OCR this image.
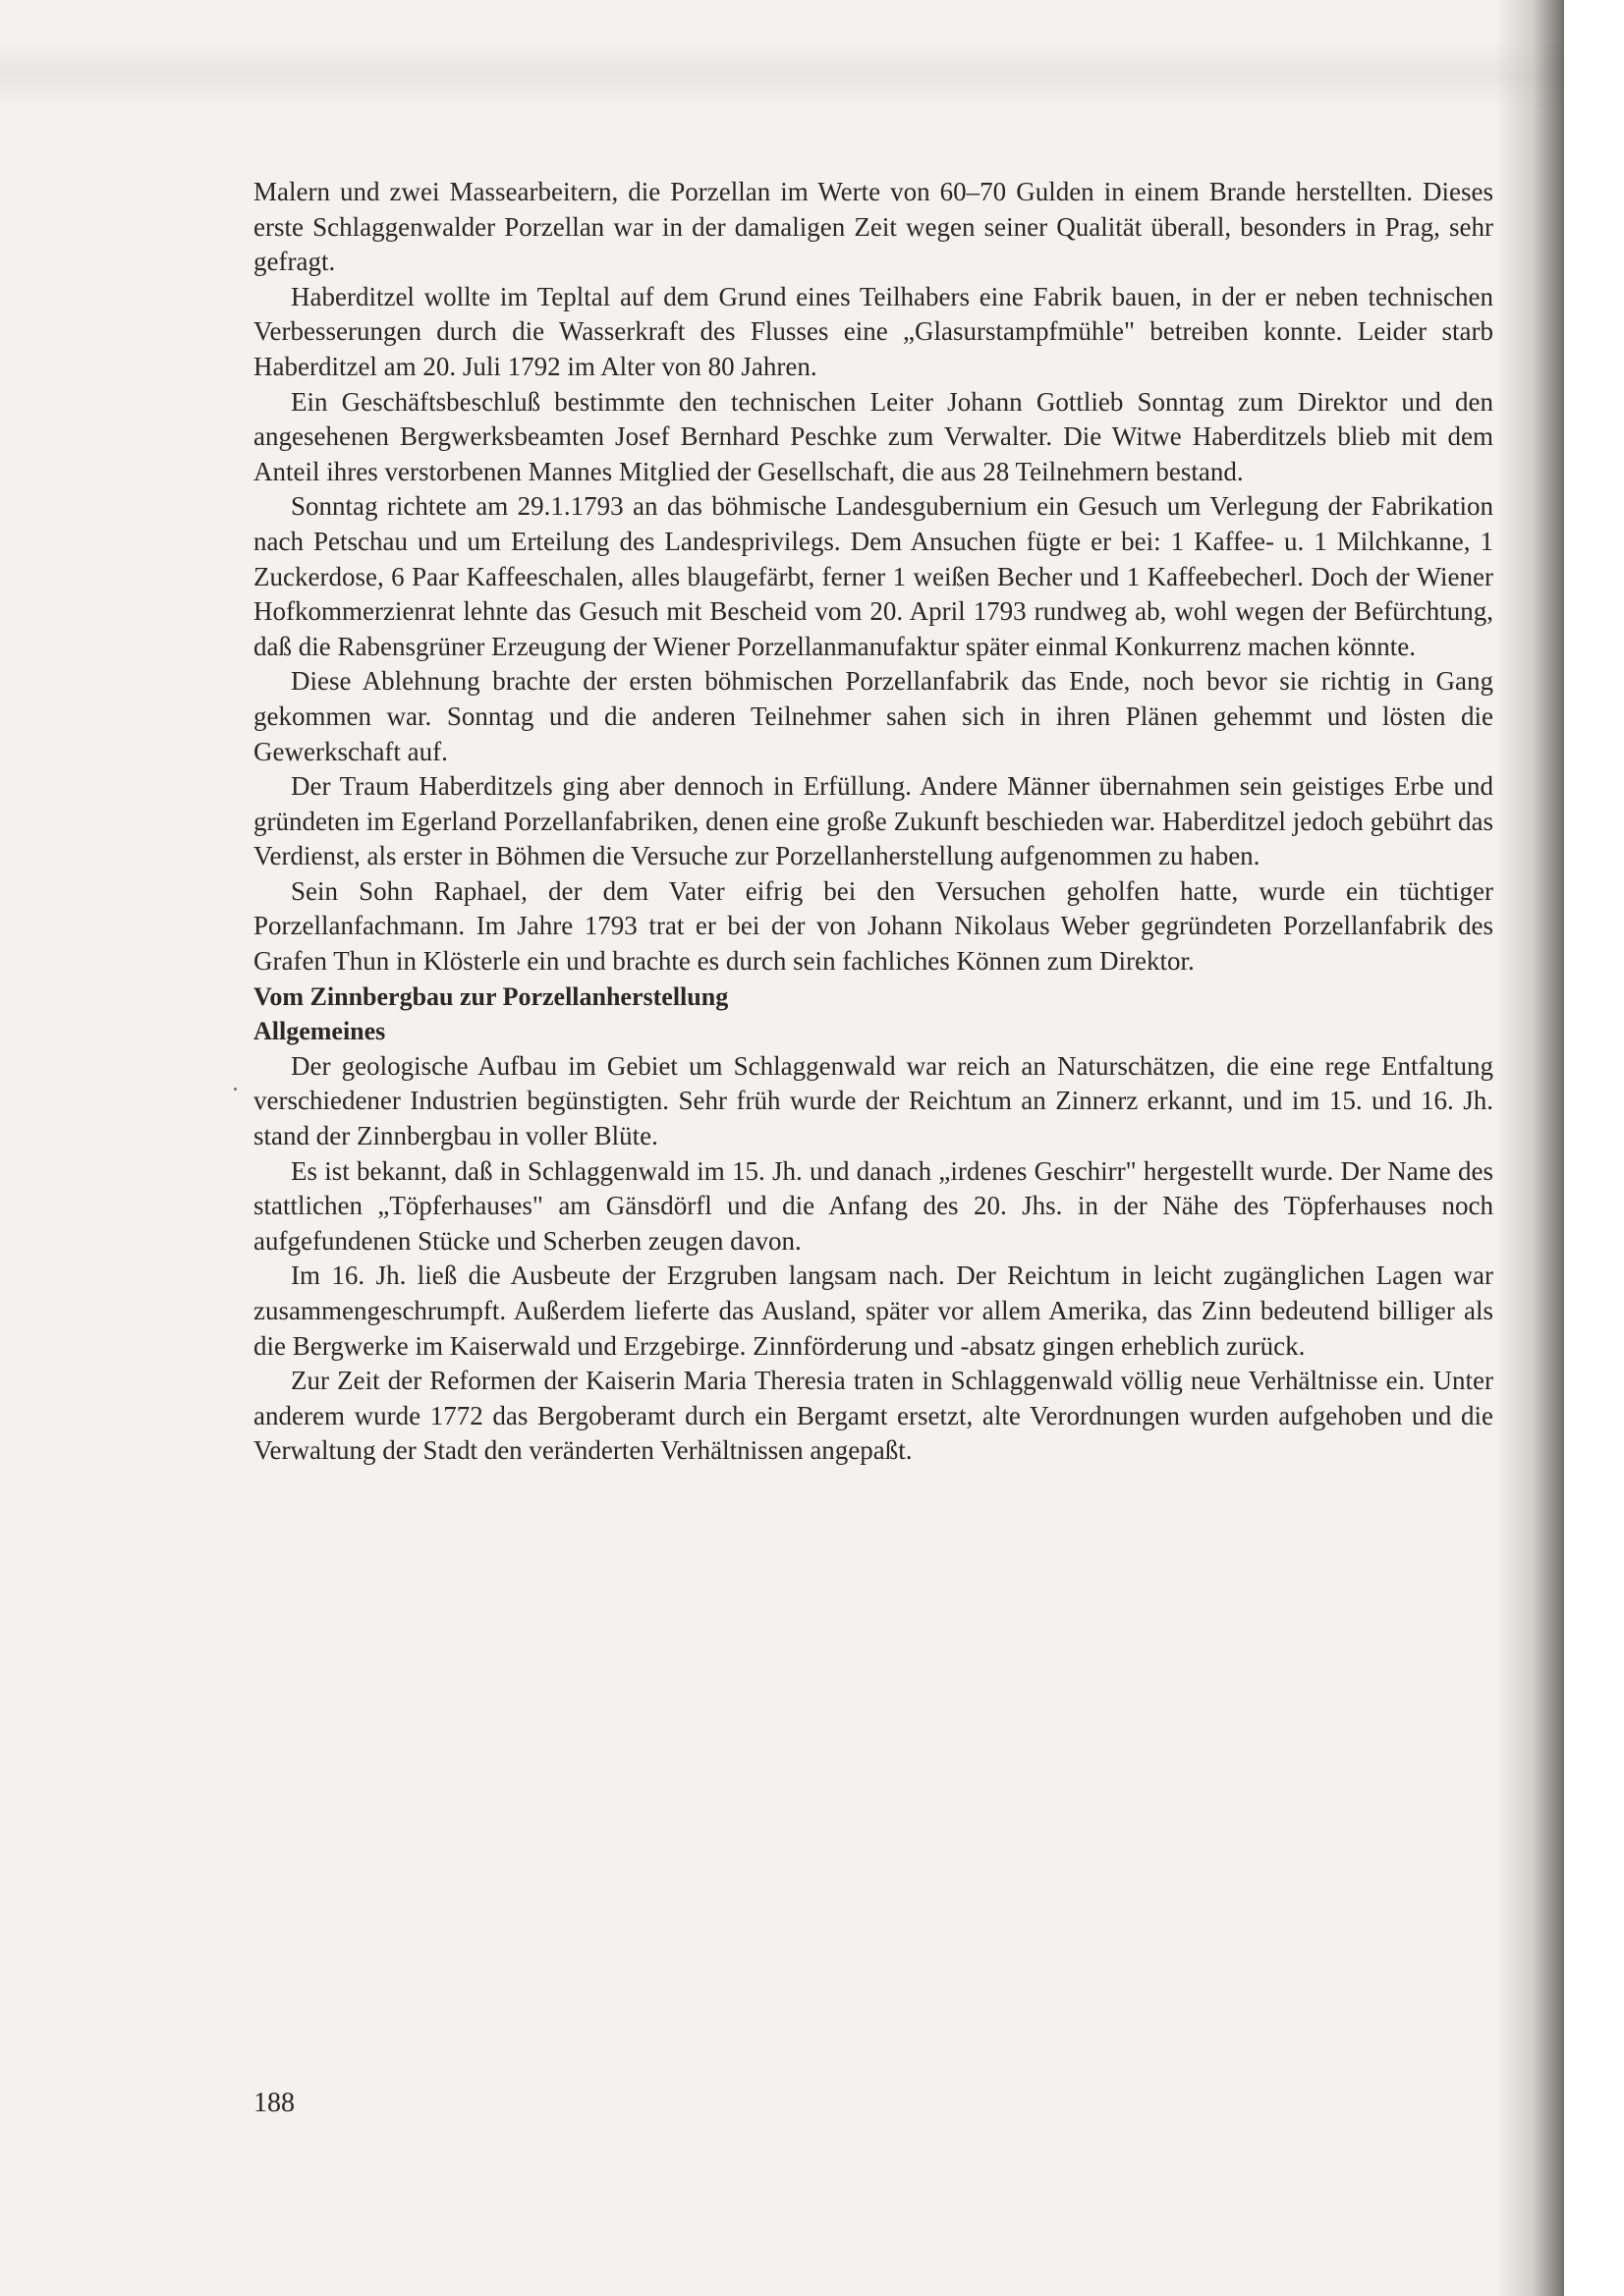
Malern und zwei Massearbeitern, die Porzellan im Werte von 60–70 Gulden in einem Brande herstellten. Dieses erste Schlaggenwalder Porzellan war in der damaligen Zeit wegen seiner Qualität überall, besonders in Prag, sehr gefragt.

Haberditzel wollte im Tepltal auf dem Grund eines Teilhabers eine Fabrik bauen, in der er neben technischen Verbesserungen durch die Wasserkraft des Flusses eine „Glasurstampfmühle" betreiben konnte. Leider starb Haberditzel am 20. Juli 1792 im Alter von 80 Jahren.

Ein Geschäftsbeschluß bestimmte den technischen Leiter Johann Gottlieb Sonntag zum Direktor und den angesehenen Bergwerksbeamten Josef Bernhard Peschke zum Verwalter. Die Witwe Haberditzels blieb mit dem Anteil ihres verstorbenen Mannes Mitglied der Gesellschaft, die aus 28 Teilnehmern bestand.

Sonntag richtete am 29.1.1793 an das böhmische Landesgubernium ein Gesuch um Verlegung der Fabrikation nach Petschau und um Erteilung des Landesprivilegs. Dem Ansuchen fügte er bei: 1 Kaffee- u. 1 Milchkanne, 1 Zuckerdose, 6 Paar Kaffeeschalen, alles blaugefärbt, ferner 1 weißen Becher und 1 Kaffeebecherl. Doch der Wiener Hofkommerzienrat lehnte das Gesuch mit Bescheid vom 20. April 1793 rundweg ab, wohl wegen der Befürchtung, daß die Rabensgrüner Erzeugung der Wiener Porzellanmanufaktur später einmal Konkurrenz machen könnte.

Diese Ablehnung brachte der ersten böhmischen Porzellanfabrik das Ende, noch bevor sie richtig in Gang gekommen war. Sonntag und die anderen Teilnehmer sahen sich in ihren Plänen gehemmt und lösten die Gewerkschaft auf.

Der Traum Haberditzels ging aber dennoch in Erfüllung. Andere Männer übernahmen sein geistiges Erbe und gründeten im Egerland Porzellanfabriken, denen eine große Zukunft beschieden war. Haberditzel jedoch gebührt das Verdienst, als erster in Böhmen die Versuche zur Porzellanherstellung aufgenommen zu haben.

Sein Sohn Raphael, der dem Vater eifrig bei den Versuchen geholfen hatte, wurde ein tüchtiger Porzellanfachmann. Im Jahre 1793 trat er bei der von Johann Nikolaus Weber gegründeten Porzellanfabrik des Grafen Thun in Klösterle ein und brachte es durch sein fachliches Können zum Direktor.

Vom Zinnbergbau zur Porzellanherstellung

Allgemeines

Der geologische Aufbau im Gebiet um Schlaggenwald war reich an Naturschätzen, die eine rege Entfaltung verschiedener Industrien begünstigten. Sehr früh wurde der Reichtum an Zinnerz erkannt, und im 15. und 16. Jh. stand der Zinnbergbau in voller Blüte.

Es ist bekannt, daß in Schlaggenwald im 15. Jh. und danach „irdenes Geschirr" hergestellt wurde. Der Name des stattlichen „Töpferhauses" am Gänsdörfl und die Anfang des 20. Jhs. in der Nähe des Töpferhauses noch aufgefundenen Stücke und Scherben zeugen davon.

Im 16. Jh. ließ die Ausbeute der Erzgruben langsam nach. Der Reichtum in leicht zugänglichen Lagen war zusammengeschrumpft. Außerdem lieferte das Ausland, später vor allem Amerika, das Zinn bedeutend billiger als die Bergwerke im Kaiserwald und Erzgebirge. Zinnförderung und -absatz gingen erheblich zurück.

Zur Zeit der Reformen der Kaiserin Maria Theresia traten in Schlaggenwald völlig neue Verhältnisse ein. Unter anderem wurde 1772 das Bergoberamt durch ein Bergamt ersetzt, alte Verordnungen wurden aufgehoben und die Verwaltung der Stadt den veränderten Verhältnissen angepaßt.

188
